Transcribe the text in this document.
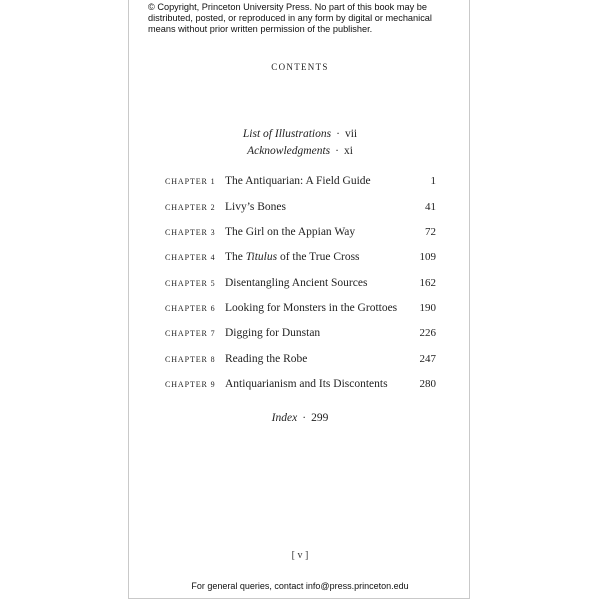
© Copyright, Princeton University Press. No part of this book may be
distributed, posted, or reproduced in any form by digital or mechanical
means without prior written permission of the publisher.
CONTENTS
List of Illustrations · vii
Acknowledgments · xi
CHAPTER 1 The Antiquarian: A Field Guide	1
CHAPTER 2 Livy’s Bones	41
CHAPTER 3 The Girl on the Appian Way	72
CHAPTER 4 The Titulus of the True Cross	109
CHAPTER 5 Disentangling Ancient Sources	162
CHAPTER 6 Looking for Monsters in the Grottoes 190
CHAPTER 7 Digging for Dunstan	226
CHAPTER 8 Reading the Robe	247
CHAPTER 9 Antiquarianism and Its Discontents	280
Index · 299
[ v ]
For general queries, contact info@press.princeton.edu
